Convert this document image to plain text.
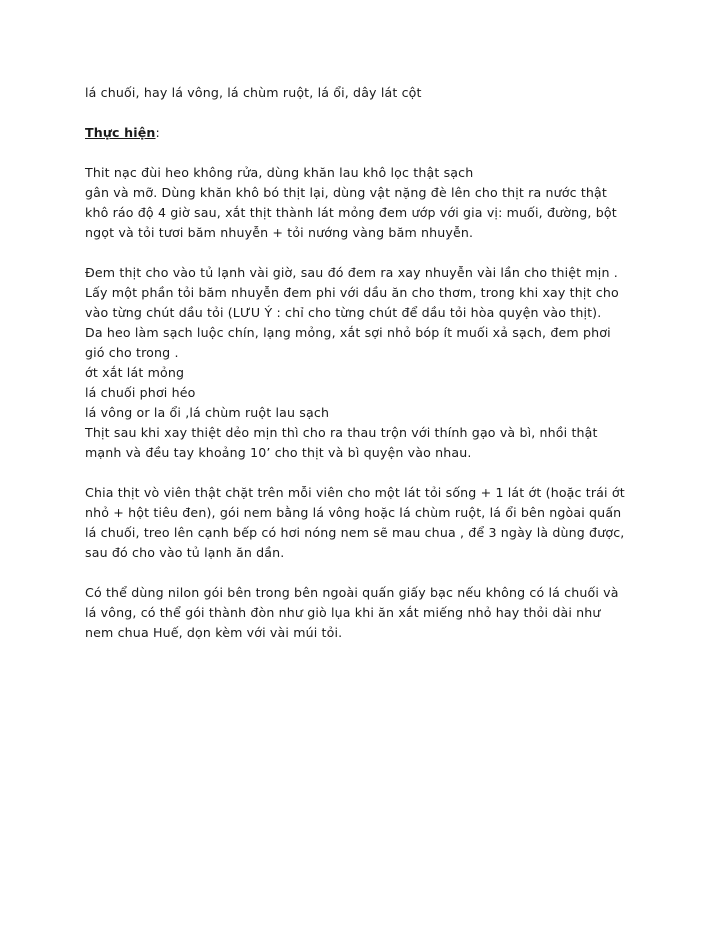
lá chuối, hay lá vông, lá chùm ruột, lá ổi, dây lát cột
Thực hiện:
Thit nạc đùi heo không rửa, dùng khăn lau khô lọc thật sạch
gân và mỡ. Dùng khăn khô bó thịt lại, dùng vật nặng đè lên cho thịt ra nước thật
khô ráo độ 4 giờ sau, xắt thịt thành lát mỏng đem ướp với gia vị: muối, đường, bột
ngọt và tỏi tươi băm nhuyễn + tỏi nướng vàng băm nhuyễn.
Đem thịt cho vào tủ lạnh vài giờ, sau đó đem ra xay nhuyễn vài lần cho thiệt mịn .
Lấy một phần tỏi băm nhuyễn đem phi với dầu ăn cho thơm, trong khi xay thịt cho
vào từng chút dầu tỏi (LƯU Ý : chỉ cho từng chút để dầu tỏi hòa quyện vào thịt).
Da heo làm sạch luộc chín, lạng mỏng, xắt sợi nhỏ bóp ít muối xả sạch, đem phơi
gió cho trong .
ớt xắt lát mỏng
lá chuối phơi héo
lá vông or la ổi ,lá chùm ruột lau sạch
Thịt sau khi xay thiệt dẻo mịn thì cho ra thau trộn với thính gạo và bì, nhồi thật
mạnh và đều tay khoảng 10’ cho thịt và bì quyện vào nhau.
Chia thịt vò viên thật chặt trên mỗi viên cho một lát tỏi sống + 1 lát ớt (hoặc trái ớt
nhỏ + hột tiêu đen), gói nem bằng lá vông hoặc lá chùm ruột, lá ổi bên ngòai quấn
lá chuối, treo lên cạnh bếp có hơi nóng nem sẽ mau chua , để 3 ngày là dùng được,
sau đó cho vào tủ lạnh ăn dần.
Có thể dùng nilon gói bên trong bên ngoài quấn giấy bạc nếu không có lá chuối và
lá vông, có thể gói thành đòn như giò lụa khi ăn xắt miếng nhỏ hay thỏi dài như
nem chua Huế, dọn kèm với vài múi tỏi.
